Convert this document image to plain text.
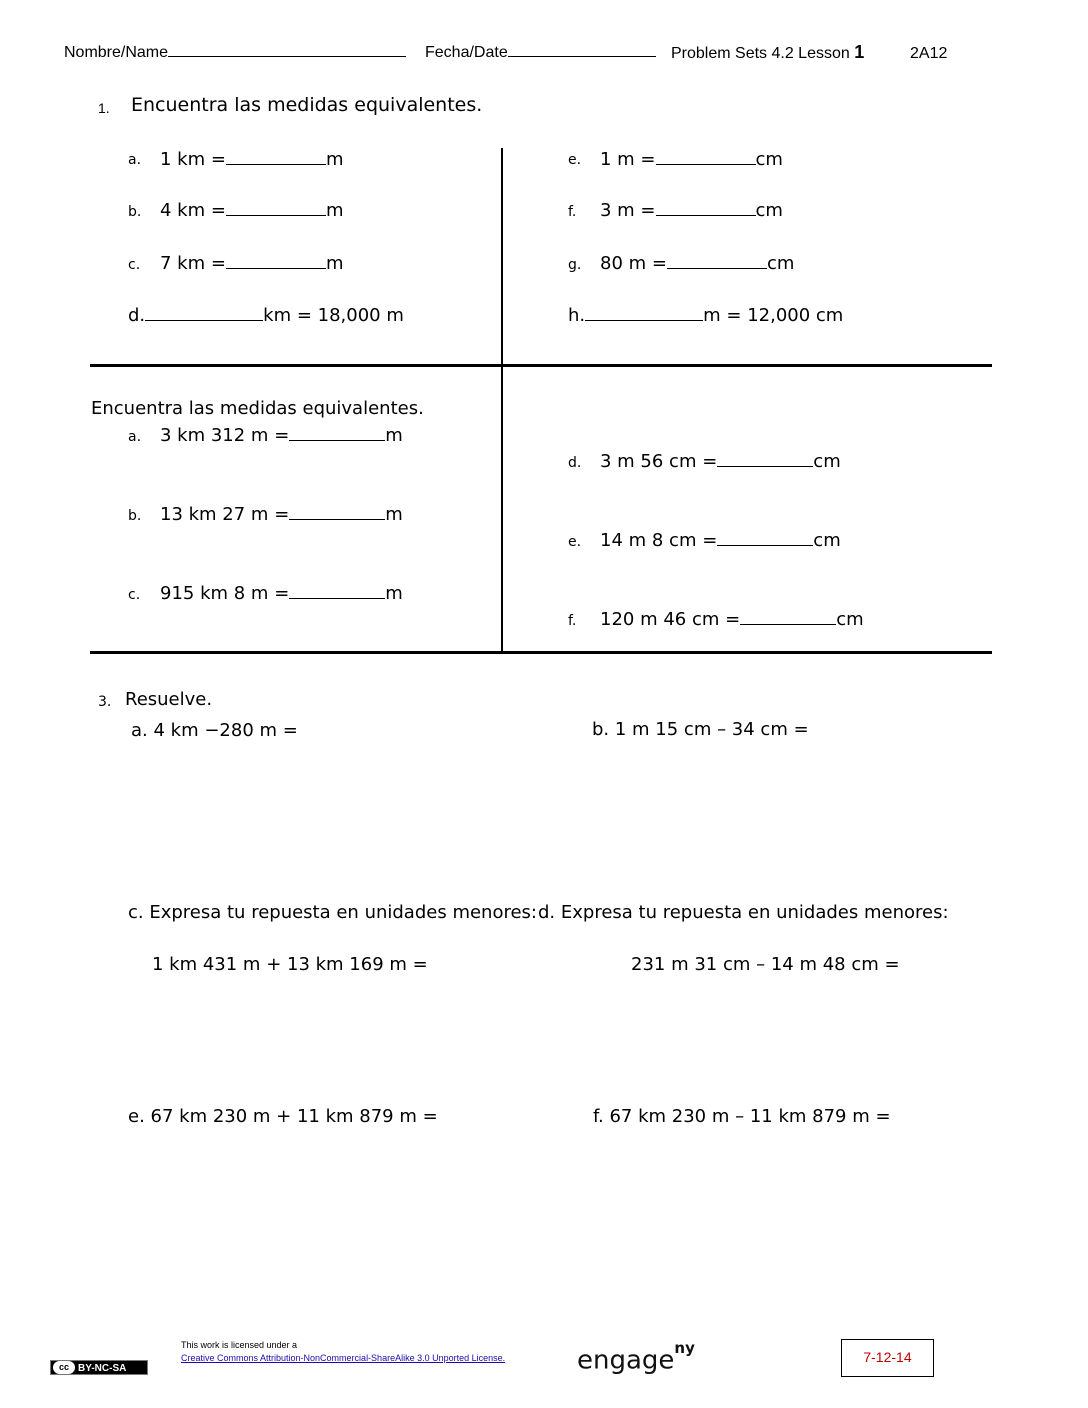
Nombre/Name	Fecha/Date	Problem Sets 4.2 Lesson 1	2A12
1. Encuentra las medidas equivalentes.
a. 1 km =	m
b. 4 km =	m
c. 7 km =	m
d.	km = 18,000 m
e. 1 m =	cm
f. 3 m =	cm
g. 80 m =	cm
h.	m = 12,000 cm
Encuentra las medidas equivalentes.
a. 3 km 312 m =	m
b. 13 km 27 m =	m
c. 915 km 8 m =	m
d. 3 m 56 cm =	cm
e. 14 m 8 cm =	cm
f. 120 m 46 cm =	cm
3. Resuelve.
a. 4 km −280 m =	b. 1 m 15 cm – 34 cm =
c. Expresa tu repuesta en unidades menores: d. Expresa tu repuesta en unidades menores:
1 km 431 m + 13 km 169 m =	231 m 31 cm – 14 m 48 cm =
e. 67 km 230 m + 11 km 879 m =	f. 67 km 230 m – 11 km 879 m =
cc BY-NC-SA
This work is licensed under a
Creative Commons Attribution-NonCommercial-ShareAlike 3.0 Unported License.	engage$^{ny}$	7-12-14
